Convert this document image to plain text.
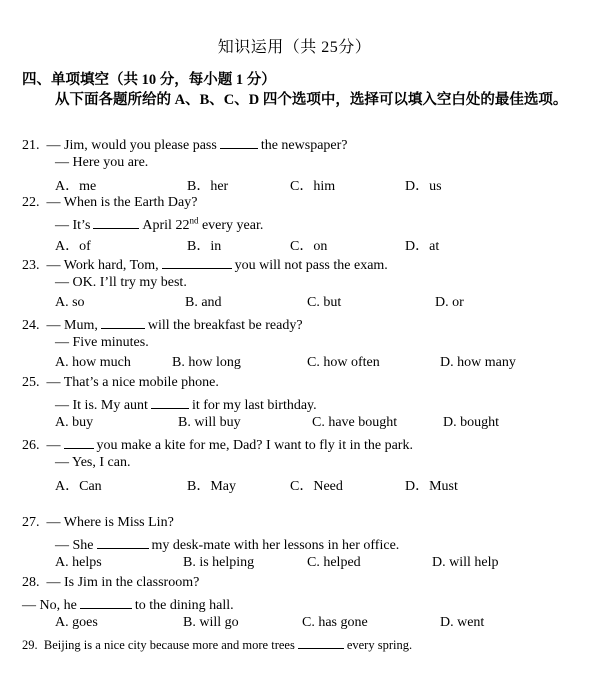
知识运用（共 25分）
四、单项填空（共 10 分，每小题 1 分）
从下面各题所给的 A、B、C、D 四个选项中，选择可以填入空白处的最佳选项。
21. — Jim, would you please pass	the newspaper?
— Here you are.
A．me	B．her	C．him	D．us
22. — When is the Earth Day?
— It’s	April 22nd every year.
A．of	B．in	C．on	D．at
23. — Work hard, Tom,	you will not pass the exam.
— OK. I’ll try my best.
A. so	B. and	C. but	D. or
24. — Mum,	will the breakfast be ready?
— Five minutes.
A. how much	B. how long	C. how often	D. how many
25. — That’s a nice mobile phone.
— It is. My aunt	it for my last birthday.
A. buy	B. will buy	C. have bought	D. bought
26. —	you make a kite for me, Dad? I want to fly it in the park.
— Yes, I can.
A．Can	B．May	C．Need	D．Must
27. — Where is Miss Lin?
— She	my desk-mate with her lessons in her office.
A. helps	B. is helping	C. helped	D. will help
28. — Is Jim in the classroom?
— No, he	to the dining hall.
A. goes	B. will go	C. has gone	D. went
29. Beijing is a nice city because more and more trees	every spring.
